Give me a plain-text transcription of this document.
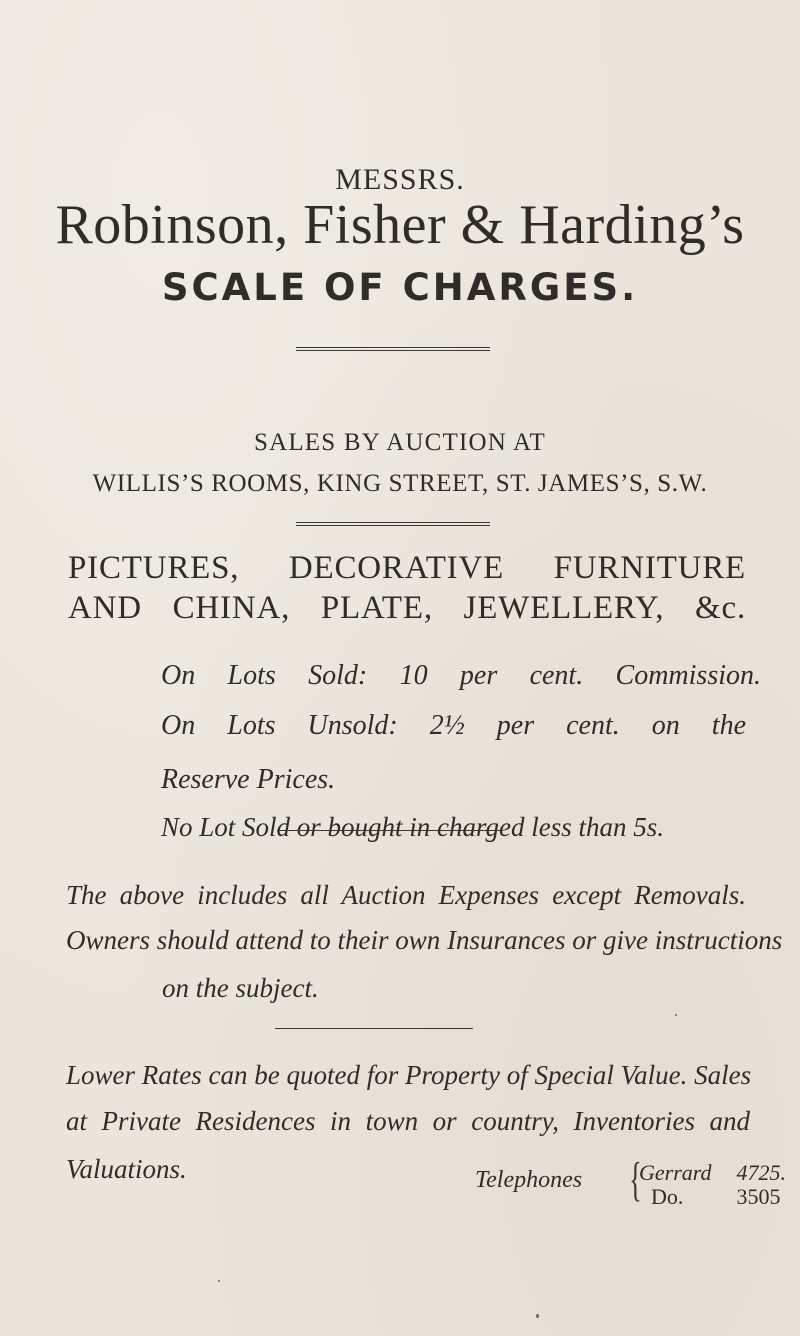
MESSRS.
Robinson, Fisher & Harding’s
SCALE OF CHARGES.
SALES BY AUCTION AT
WILLIS’S ROOMS, KING STREET, ST. JAMES’S, S.W.
PICTURES, DECORATIVE FURNITURE
AND CHINA, PLATE, JEWELLERY, &c.
On Lots Sold: 10 per cent. Commission.
On Lots Unsold: 2½ per cent. on the
Reserve Prices.
No Lot Sold or bought in charged less than 5s.
The above includes all Auction Expenses except Removals.
Owners should attend to their own Insurances or give instructions
on the subject.
Lower Rates can be quoted for Property of Special Value. Sales
at Private Residences in town or country, Inventories and
Valuations.	Telephones {
Gerrard 4725.
Do. 3505
